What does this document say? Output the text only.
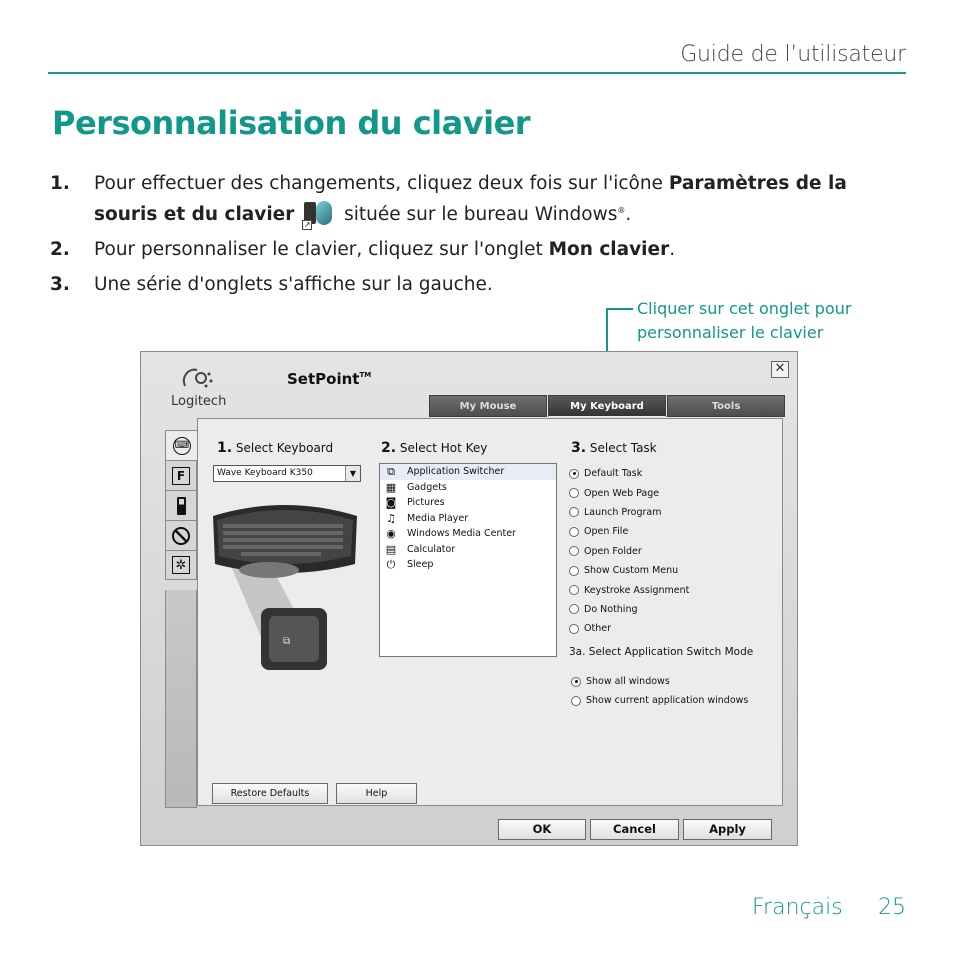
Guide de l’utilisateur
Personnalisation du clavier
1. Pour effectuer des changements, cliquez deux fois sur l'icône Paramètres de la souris et du clavier ↗ située sur le bureau Windows®.
2. Pour personnaliser le clavier, cliquez sur l'onglet Mon clavier.
3. Une série d'onglets s'affiche sur la gauche.
Cliquer sur cet onglet pour
personnaliser le clavier
✕
Logitech
SetPoint™
My Mouse	My Keyboard	Tools
⌨
F
✲
1. Select Keyboard
Wave Keyboard K350	▼
⧉
2. Select Hot Key
⧉	Application Switcher
▦ Gadgets
◙ Pictures
♫	Media Player
◉	Windows Media Center
▤ Calculator
⏻	Sleep
3. Select Task
Default Task
Open Web Page
Launch Program
Open File
Open Folder
Show Custom Menu
Keystroke Assignment
Do Nothing
Other
3a. Select Application Switch Mode
Show all windows
Show current application windows
Restore Defaults	Help
OK	Cancel	Apply
Français 25
